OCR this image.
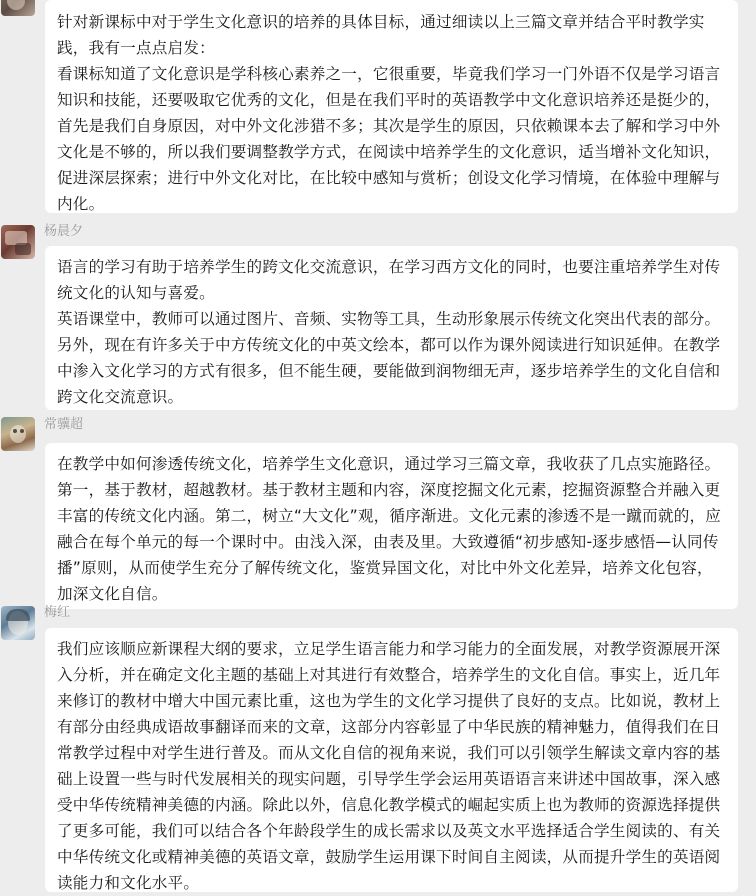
针对新课标中对于学生文化意识的培养的具体目标，通过细读以上三篇文章并结合平时教学实践，我有一点点启发：
看课标知道了文化意识是学科核心素养之一，它很重要，毕竟我们学习一门外语不仅是学习语言知识和技能，还要吸取它优秀的文化，但是在我们平时的英语教学中文化意识培养还是挺少的，首先是我们自身原因，对中外文化涉猎不多；其次是学生的原因，只依赖课本去了解和学习中外文化是不够的，所以我们要调整教学方式，在阅读中培养学生的文化意识，适当增补文化知识，促进深层探索；进行中外文化对比，在比较中感知与赏析；创设文化学习情境，在体验中理解与内化。

杨晨夕

语言的学习有助于培养学生的跨文化交流意识，在学习西方文化的同时，也要注重培养学生对传统文化的认知与喜爱。
英语课堂中，教师可以通过图片、音频、实物等工具，生动形象展示传统文化突出代表的部分。另外，现在有许多关于中方传统文化的中英文绘本，都可以作为课外阅读进行知识延伸。在教学中渗入文化学习的方式有很多，但不能生硬，要能做到润物细无声，逐步培养学生的文化自信和跨文化交流意识。

常骥超

在教学中如何渗透传统文化，培养学生文化意识，通过学习三篇文章，我收获了几点实施路径。第一，基于教材，超越教材。基于教材主题和内容，深度挖掘文化元素，挖掘资源整合并融入更丰富的传统文化内涵。第二，树立“大文化”观，循序渐进。文化元素的渗透不是一蹴而就的，应融合在每个单元的每一个课时中。由浅入深，由表及里。大致遵循“初步感知-逐步感悟—认同传播”原则，从而使学生充分了解传统文化，鉴赏异国文化，对比中外文化差异，培养文化包容，加深文化自信。

梅红

我们应该顺应新课程大纲的要求，立足学生语言能力和学习能力的全面发展，对教学资源展开深入分析，并在确定文化主题的基础上对其进行有效整合，培养学生的文化自信。事实上，近几年来修订的教材中增大中国元素比重，这也为学生的文化学习提供了良好的支点。比如说，教材上有部分由经典成语故事翻译而来的文章，这部分内容彰显了中华民族的精神魅力，值得我们在日常教学过程中对学生进行普及。而从文化自信的视角来说，我们可以引领学生解读文章内容的基础上设置一些与时代发展相关的现实问题，引导学生学会运用英语语言来讲述中国故事，深入感受中华传统精神美德的内涵。除此以外，信息化教学模式的崛起实质上也为教师的资源选择提供了更多可能，我们可以结合各个年龄段学生的成长需求以及英文水平选择适合学生阅读的、有关中华传统文化或精神美德的英语文章，鼓励学生运用课下时间自主阅读，从而提升学生的英语阅读能力和文化水平。
